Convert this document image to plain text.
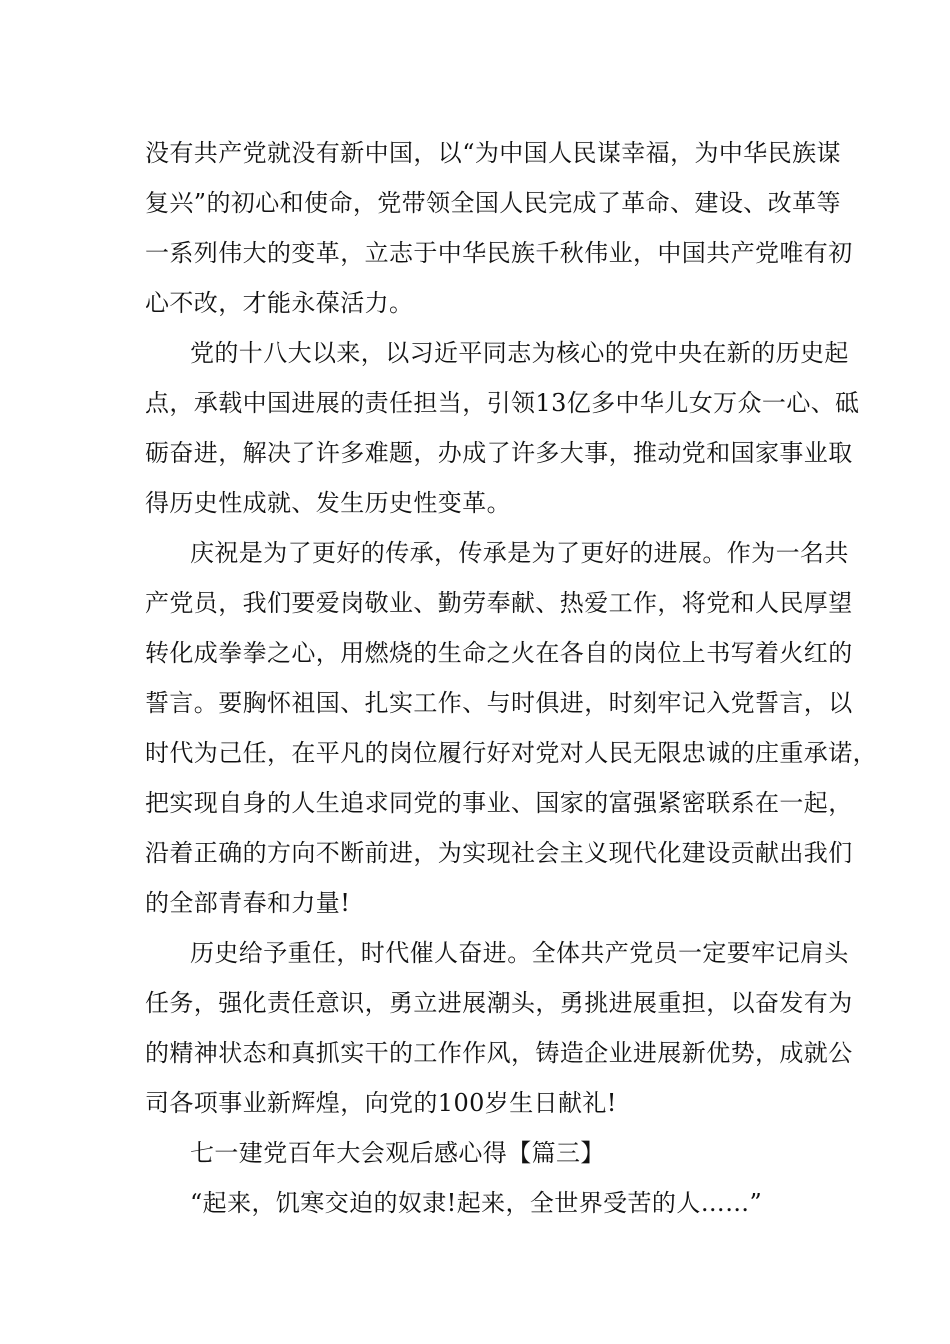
没有共产党就没有新中国，以“为中国人民谋幸福，为中华民族谋
复兴”的初心和使命，党带领全国人民完成了革命、建设、改革等
一系列伟大的变革，立志于中华民族千秋伟业，中国共产党唯有初
心不改，才能永葆活力。
党的十八大以来，以习近平同志为核心的党中央在新的历史起
点，承载中国进展的责任担当，引领13亿多中华儿女万众一心、砥
砺奋进，解决了许多难题，办成了许多大事，推动党和国家事业取
得历史性成就、发生历史性变革。
庆祝是为了更好的传承，传承是为了更好的进展。作为一名共
产党员，我们要爱岗敬业、勤劳奉献、热爱工作，将党和人民厚望
转化成拳拳之心，用燃烧的生命之火在各自的岗位上书写着火红的
誓言。要胸怀祖国、扎实工作、与时俱进，时刻牢记入党誓言，以
时代为己任，在平凡的岗位履行好对党对人民无限忠诚的庄重承诺，
把实现自身的人生追求同党的事业、国家的富强紧密联系在一起，
沿着正确的方向不断前进，为实现社会主义现代化建设贡献出我们
的全部青春和力量!
历史给予重任，时代催人奋进。全体共产党员一定要牢记肩头
任务，强化责任意识，勇立进展潮头，勇挑进展重担，以奋发有为
的精神状态和真抓实干的工作作风，铸造企业进展新优势，成就公
司各项事业新辉煌，向党的100岁生日献礼!
七一建党百年大会观后感心得【篇三】
“起来，饥寒交迫的奴隶!起来，全世界受苦的人……”
